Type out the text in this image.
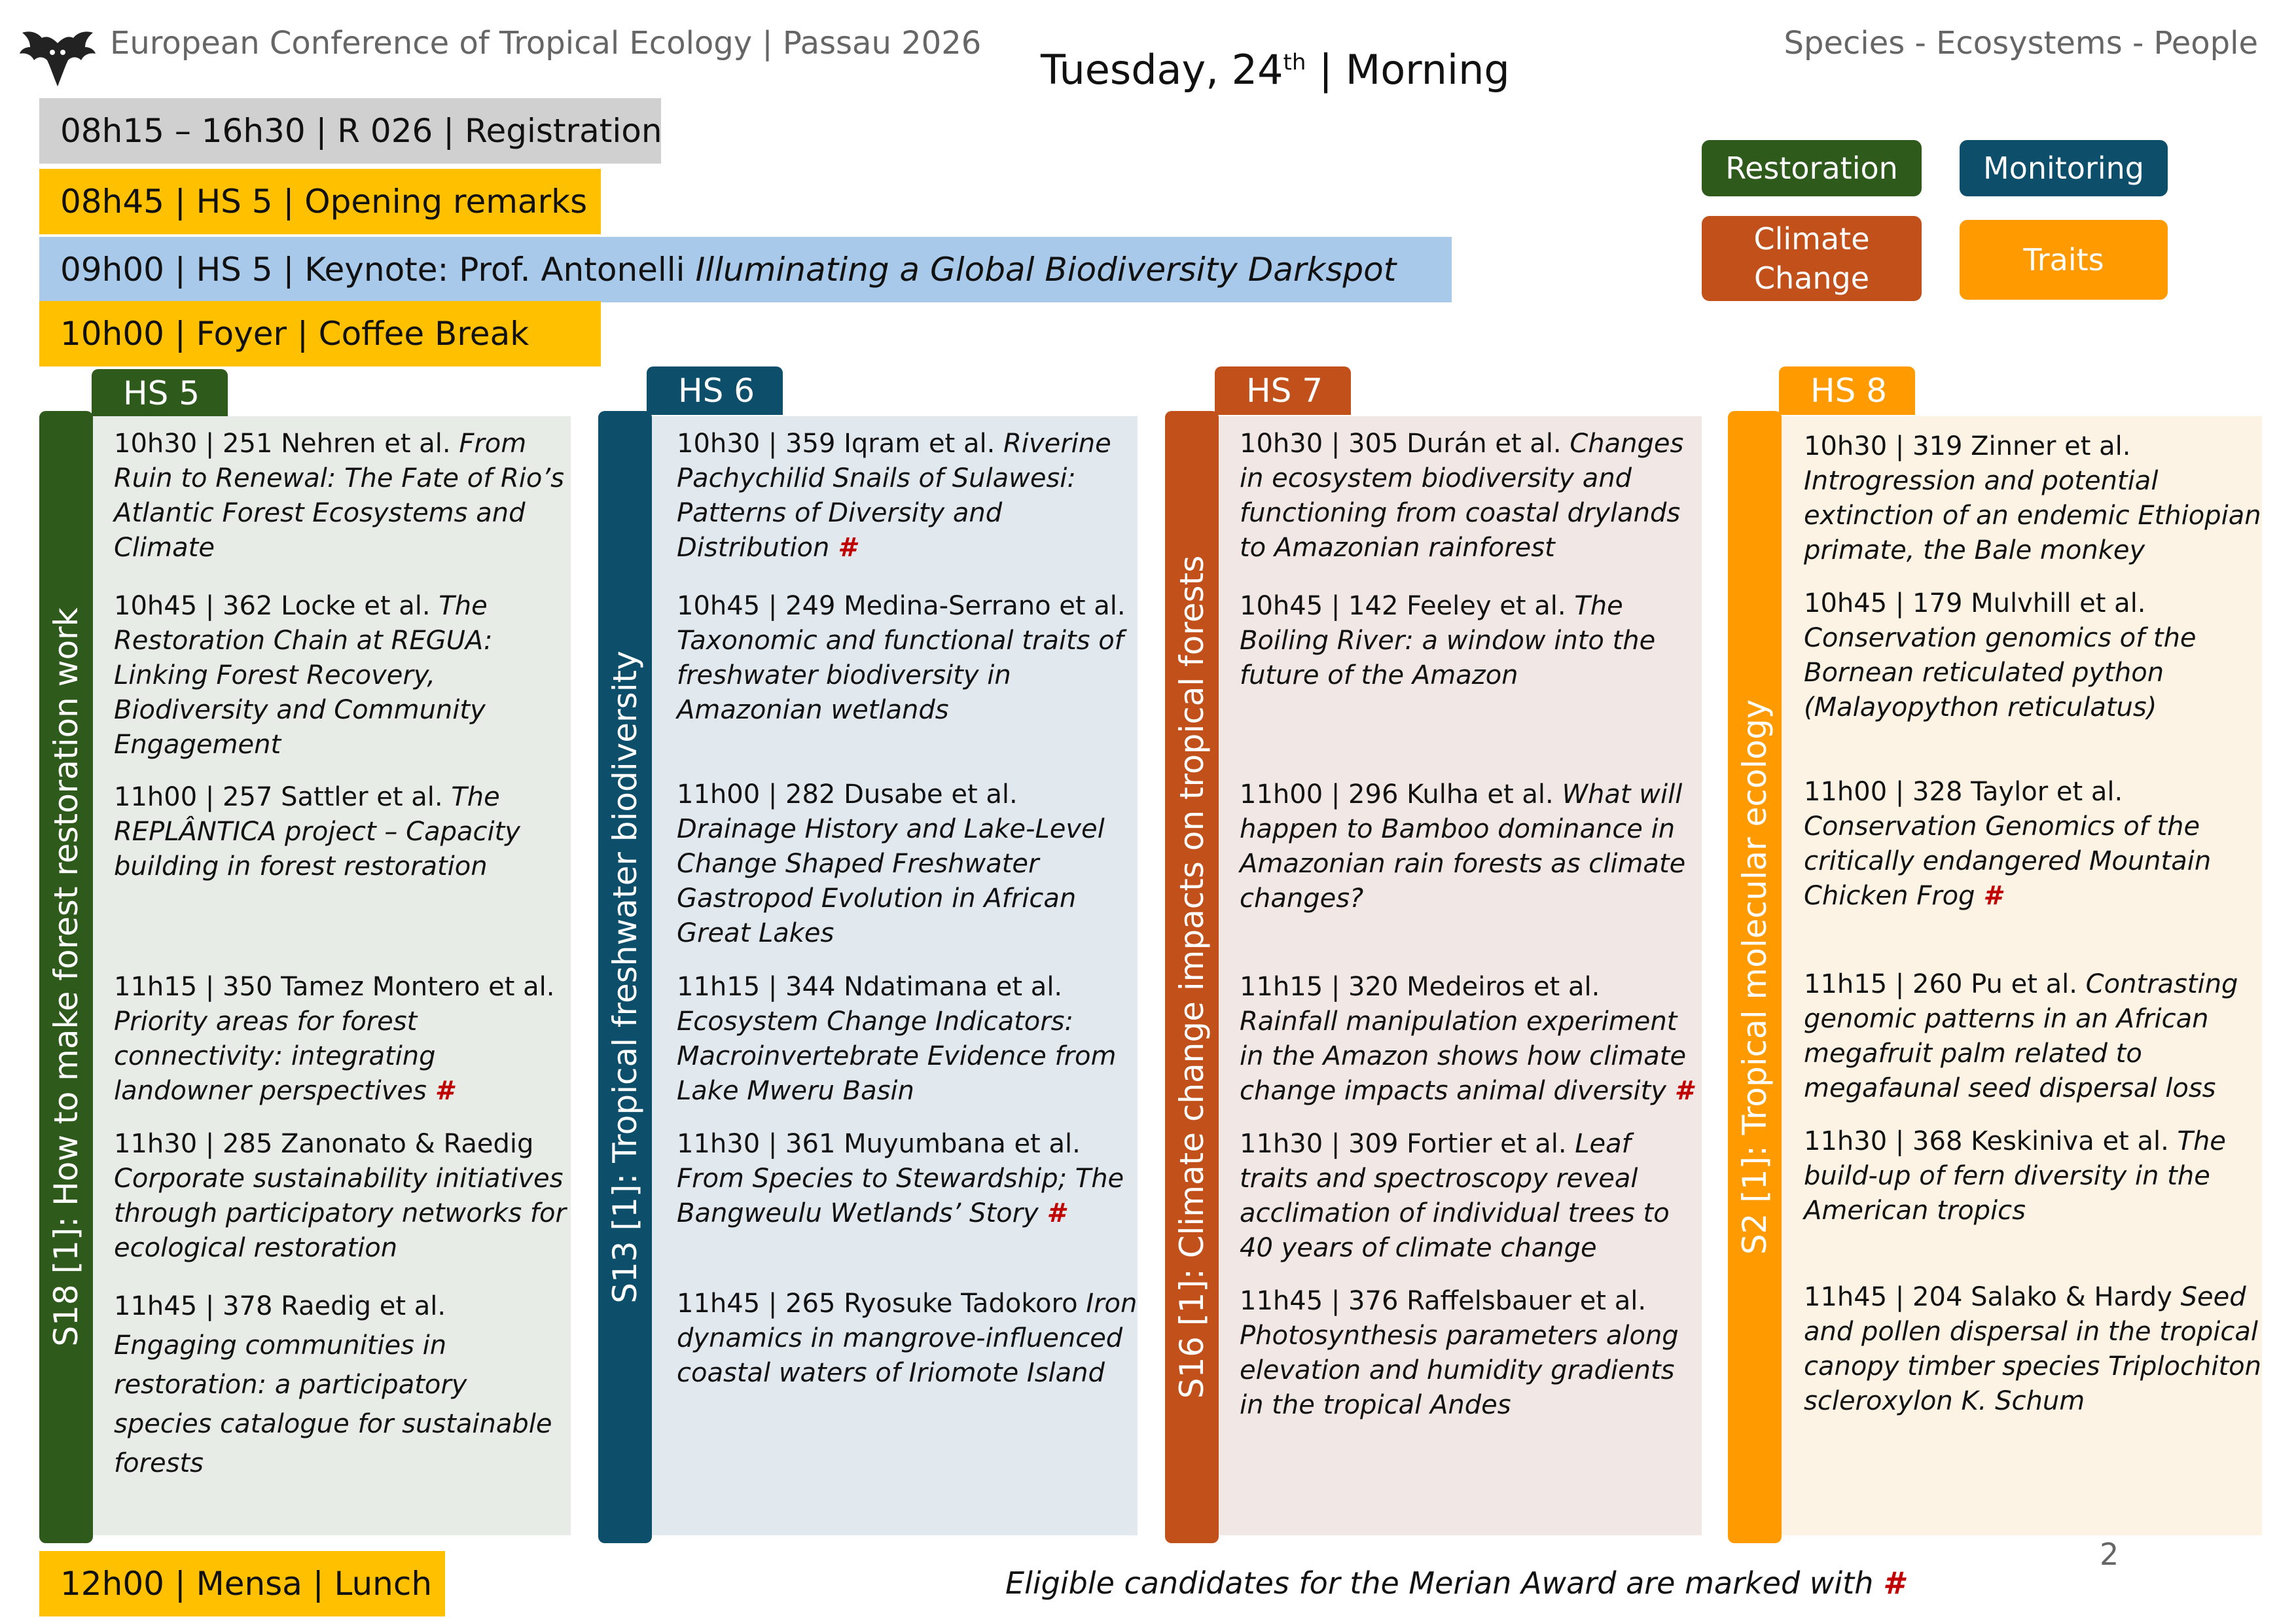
European Conference of Tropical Ecology | Passau 2026	Species - Ecosystems - People
Tuesday, 24th | Morning
08h15 – 16h30 | R 026 | Registration
08h45 | HS 5 | Opening remarks
09h00 | HS 5 | Keynote: Prof. Antonelli Illuminating a Global Biodiversity Darkspot
10h00 | Foyer | Coffee Break
Restoration	Monitoring
Climate
Change
Traits
HS 5
S18 [1]: How to make forest restoration work
10h30 | 251 Nehren et al. From Ruin to Renewal: The Fate of Rio’s Atlantic Forest Ecosystems and Climate
10h45 | 362 Locke et al. The Restoration Chain at REGUA: Linking Forest Recovery, Biodiversity and Community Engagement
11h00 | 257 Sattler et al. The REPLÂNTICA project – Capacity building in forest restoration
11h15 | 350 Tamez Montero et al. Priority areas for forest connectivity: integrating landowner perspectives #
11h30 | 285 Zanonato & Raedig Corporate sustainability initiatives through participatory networks for ecological restoration
11h45 | 378 Raedig et al. Engaging communities in restoration: a participatory species catalogue for sustainable forests
HS 6
S13 [1]: Tropical freshwater biodiversity
10h30 | 359 Iqram et al. Riverine Pachychilid Snails of Sulawesi: Patterns of Diversity and Distribution #
10h45 | 249 Medina-Serrano et al. Taxonomic and functional traits of freshwater biodiversity in Amazonian wetlands
11h00 | 282 Dusabe et al. Drainage History and Lake-Level Change Shaped Freshwater Gastropod Evolution in African Great Lakes
11h15 | 344 Ndatimana et al. Ecosystem Change Indicators: Macroinvertebrate Evidence from Lake Mweru Basin
11h30 | 361 Muyumbana et al. From Species to Stewardship; The Bangweulu Wetlands’ Story #
11h45 | 265 Ryosuke Tadokoro Iron dynamics in mangrove-influenced coastal waters of Iriomote Island
HS 7
S16 [1]: Climate change impacts on tropical forests
10h30 | 305 Durán et al. Changes in ecosystem biodiversity and functioning from coastal drylands to Amazonian rainforest
10h45 | 142 Feeley et al. The Boiling River: a window into the future of the Amazon
11h00 | 296 Kulha et al. What will happen to Bamboo dominance in Amazonian rain forests as climate changes?
11h15 | 320 Medeiros et al. Rainfall manipulation experiment in the Amazon shows how climate change impacts animal diversity #
11h30 | 309 Fortier et al. Leaf traits and spectroscopy reveal acclimation of individual trees to 40 years of climate change
11h45 | 376 Raffelsbauer et al. Photosynthesis parameters along elevation and humidity gradients in the tropical Andes
HS 8
S2 [1]: Tropical molecular ecology
10h30 | 319 Zinner et al. Introgression and potential extinction of an endemic Ethiopian primate, the Bale monkey
10h45 | 179 Mulvhill et al. Conservation genomics of the Bornean reticulated python (Malayopython reticulatus)
11h00 | 328 Taylor et al. Conservation Genomics of the critically endangered Mountain Chicken Frog #
11h15 | 260 Pu et al. Contrasting genomic patterns in an African megafruit palm related to megafaunal seed dispersal loss
11h30 | 368 Keskiniva et al. The build-up of fern diversity in the American tropics
11h45 | 204 Salako & Hardy Seed and pollen dispersal in the tropical canopy timber species Triplochiton scleroxylon K. Schum
12h00 | Mensa | Lunch	Eligible candidates for the Merian Award are marked with #
2
